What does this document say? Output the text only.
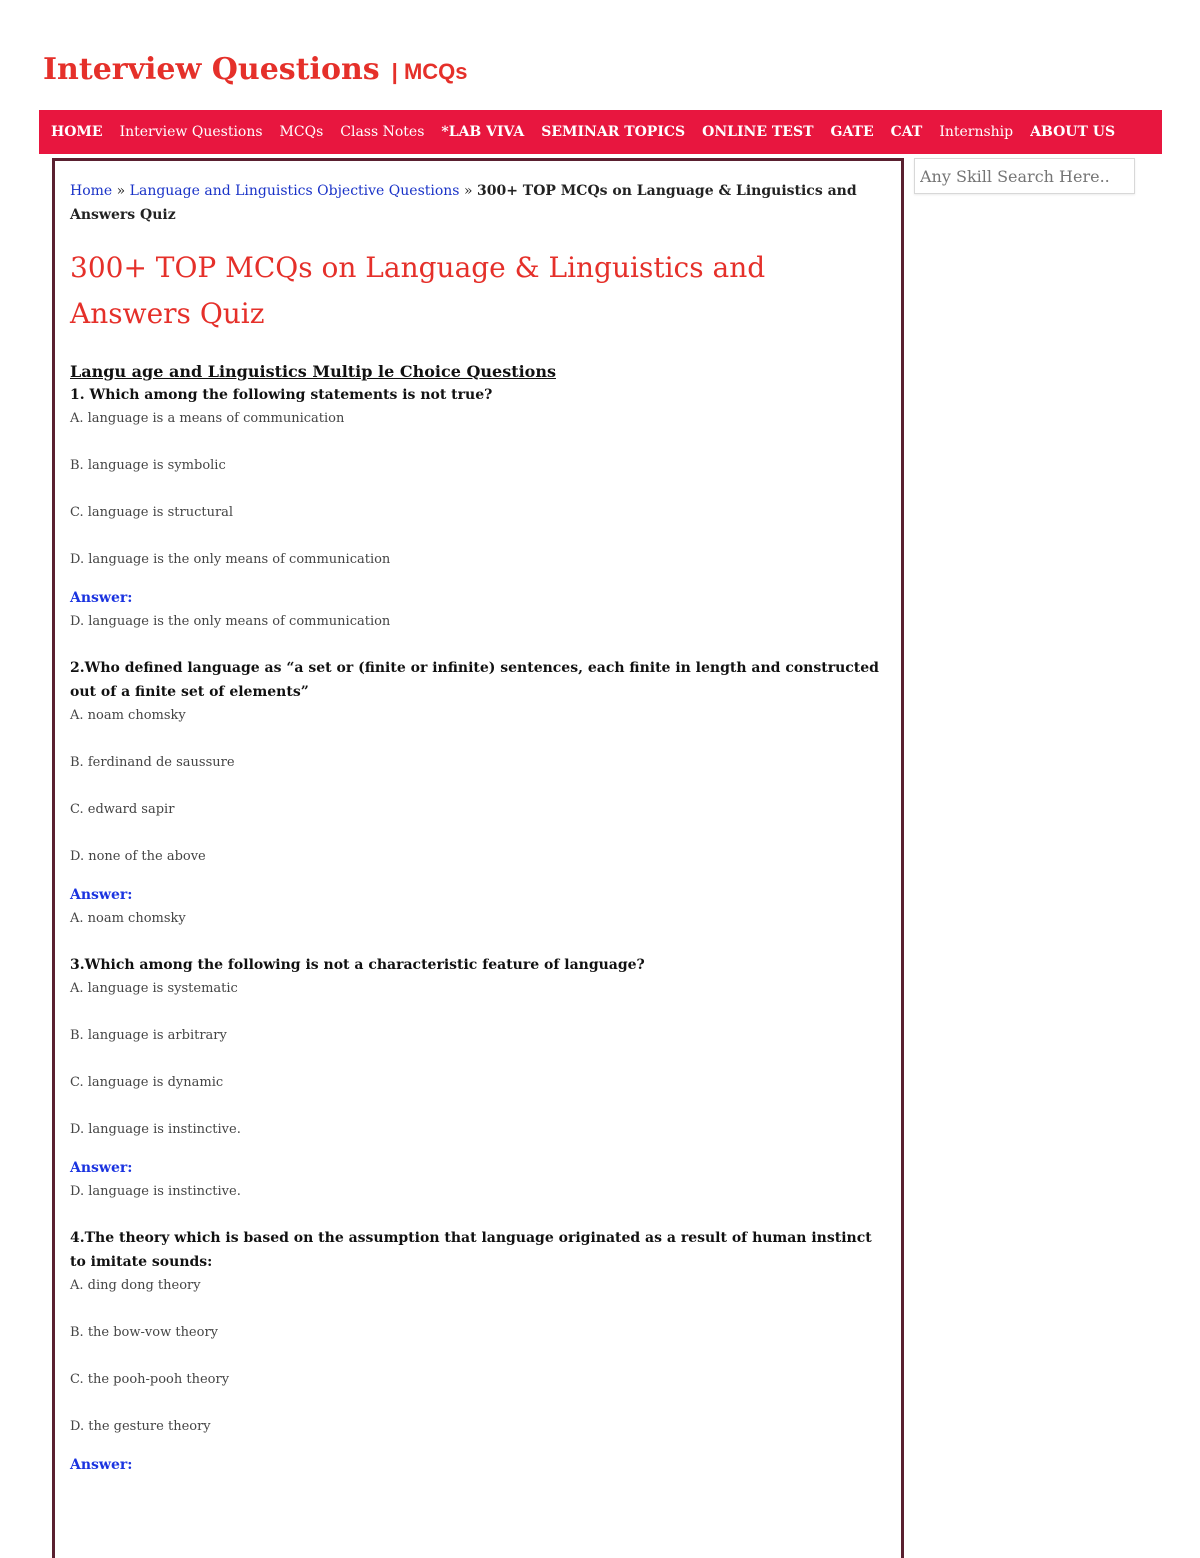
Interview Questions | MCQs
HOME Interview Questions MCQs Class Notes *LAB VIVA SEMINAR TOPICS ONLINE TEST GATE CAT Internship ABOUT US

Home » Language and Linguistics Objective Questions » 300+ TOP MCQs on Language & Linguistics and Answers Quiz

300+ TOP MCQs on Language & Linguistics and Answers Quiz
Langu age and Linguistics Multip le Choice Questions

1. Which among the following statements is not true?

A. language is a means of communication

B. language is symbolic

C. language is structural

D. language is the only means of communication

Answer:

D. language is the only means of communication

2.Who defined language as “a set or (finite or infinite) sentences, each finite in length and constructed out of a finite set of elements”

A. noam chomsky

B. ferdinand de saussure

C. edward sapir

D. none of the above

Answer:

A. noam chomsky

3.Which among the following is not a characteristic feature of language?

A. language is systematic

B. language is arbitrary

C. language is dynamic

D. language is instinctive.

Answer:

D. language is instinctive.

4.The theory which is based on the assumption that language originated as a result of human instinct to imitate sounds:

A. ding dong theory

B. the bow-vow theory

C. the pooh-pooh theory

D. the gesture theory

Answer:

Any Skill Search Here..
